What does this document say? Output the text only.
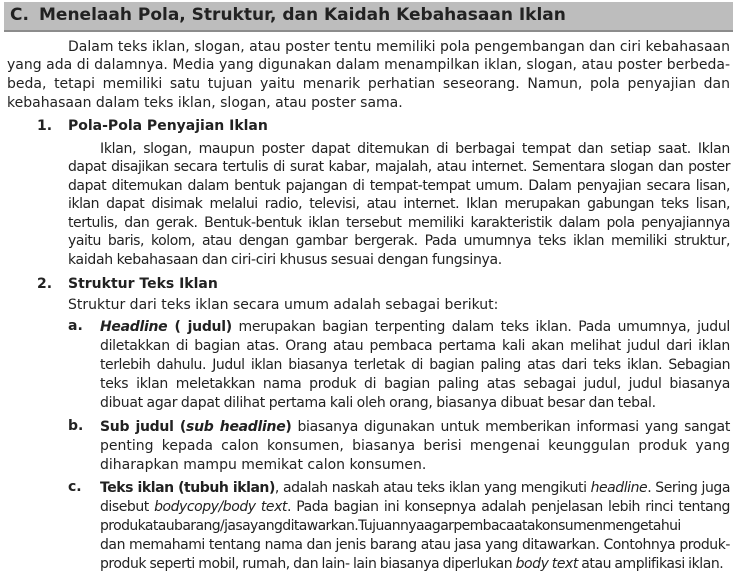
C. Menelaah Pola, Struktur, dan Kaidah Kebahasaan Iklan
Dalam teks iklan, slogan, atau poster tentu memiliki pola pengembangan dan ciri kebahasaan
yang ada di dalamnya. Media yang digunakan dalam menampilkan iklan, slogan, atau poster berbeda-
beda, tetapi memiliki satu tujuan yaitu menarik perhatian seseorang. Namun, pola penyajian dan
kebahasaan dalam teks iklan, slogan, atau poster sama.
1. Pola-Pola Penyajian Iklan
Iklan, slogan, maupun poster dapat ditemukan di berbagai tempat dan setiap saat. Iklan
dapat disajikan secara tertulis di surat kabar, majalah, atau internet. Sementara slogan dan poster
dapat ditemukan dalam bentuk pajangan di tempat-tempat umum. Dalam penyajian secara lisan,
iklan dapat disimak melalui radio, televisi, atau internet. Iklan merupakan gabungan teks lisan,
tertulis, dan gerak. Bentuk-bentuk iklan tersebut memiliki karakteristik dalam pola penyajiannya
yaitu baris, kolom, atau dengan gambar bergerak. Pada umumnya teks iklan memiliki struktur,
kaidah kebahasaan dan ciri-ciri khusus sesuai dengan fungsinya.
2. Struktur Teks Iklan
Struktur dari teks iklan secara umum adalah sebagai berikut:
a. Headline ( judul) merupakan bagian terpenting dalam teks iklan. Pada umumnya, judul
diletakkan di bagian atas. Orang atau pembaca pertama kali akan melihat judul dari iklan
terlebih dahulu. Judul iklan biasanya terletak di bagian paling atas dari teks iklan. Sebagian
teks iklan meletakkan nama produk di bagian paling atas sebagai judul, judul biasanya
dibuat agar dapat dilihat pertama kali oleh orang, biasanya dibuat besar dan tebal.
b. Sub judul (sub headline) biasanya digunakan untuk memberikan informasi yang sangat
penting kepada calon konsumen, biasanya berisi mengenai keunggulan produk yang
diharapkan mampu memikat calon konsumen.
c. Teks iklan (tubuh iklan), adalah naskah atau teks iklan yang mengikuti headline. Sering juga
disebut bodycopy/body text. Pada bagian ini konsepnya adalah penjelasan lebih rinci tentang
produkataubarang/jasayangditawarkan.Tujuannyaagarpembacaatakonsumenmengetahui
dan memahami tentang nama dan jenis barang atau jasa yang ditawarkan. Contohnya produk-
produk seperti mobil, rumah, dan lain- lain biasanya diperlukan body text atau amplifikasi iklan.
